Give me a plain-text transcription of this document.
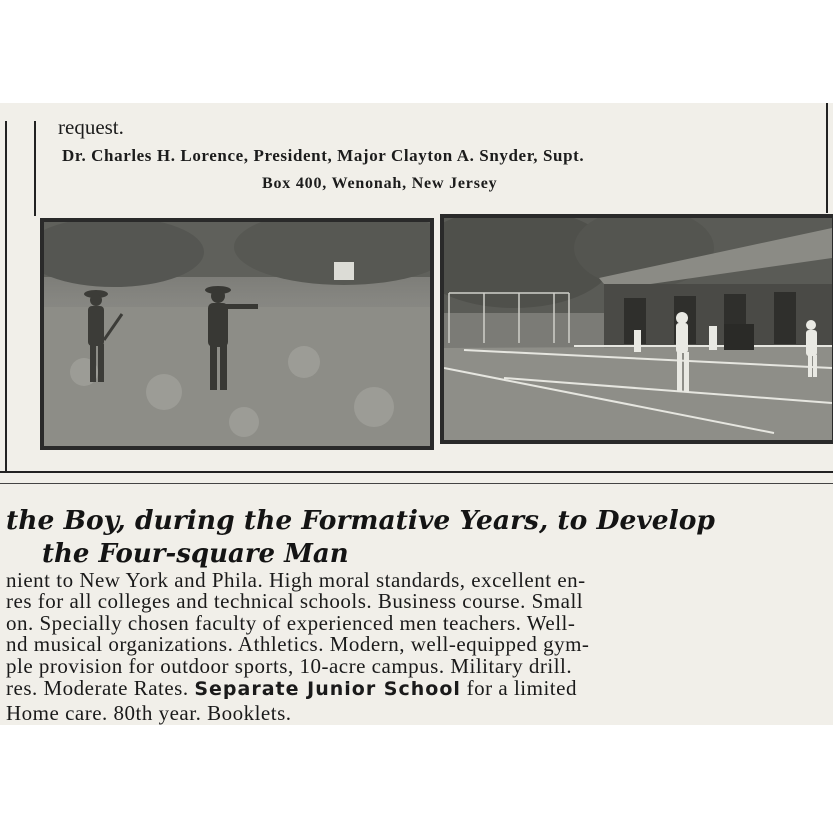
request.

Dr. Charles H. Lorence, President, Major Clayton A. Snyder, Supt.

Box 400, Wenonah, New Jersey

the Boy, during the Formative Years, to Develop

the Four-square Man

nient to New York and Phila. High moral standards, excellent en-

res for all colleges and technical schools. Business course. Small

on. Specially chosen faculty of experienced men teachers. Well-

nd musical organizations. Athletics. Modern, well-equipped gym-

ple provision for outdoor sports, 10-acre campus. Military drill.

res. Moderate Rates. Separate Junior School for a limited

Home care. 80th year. Booklets.
